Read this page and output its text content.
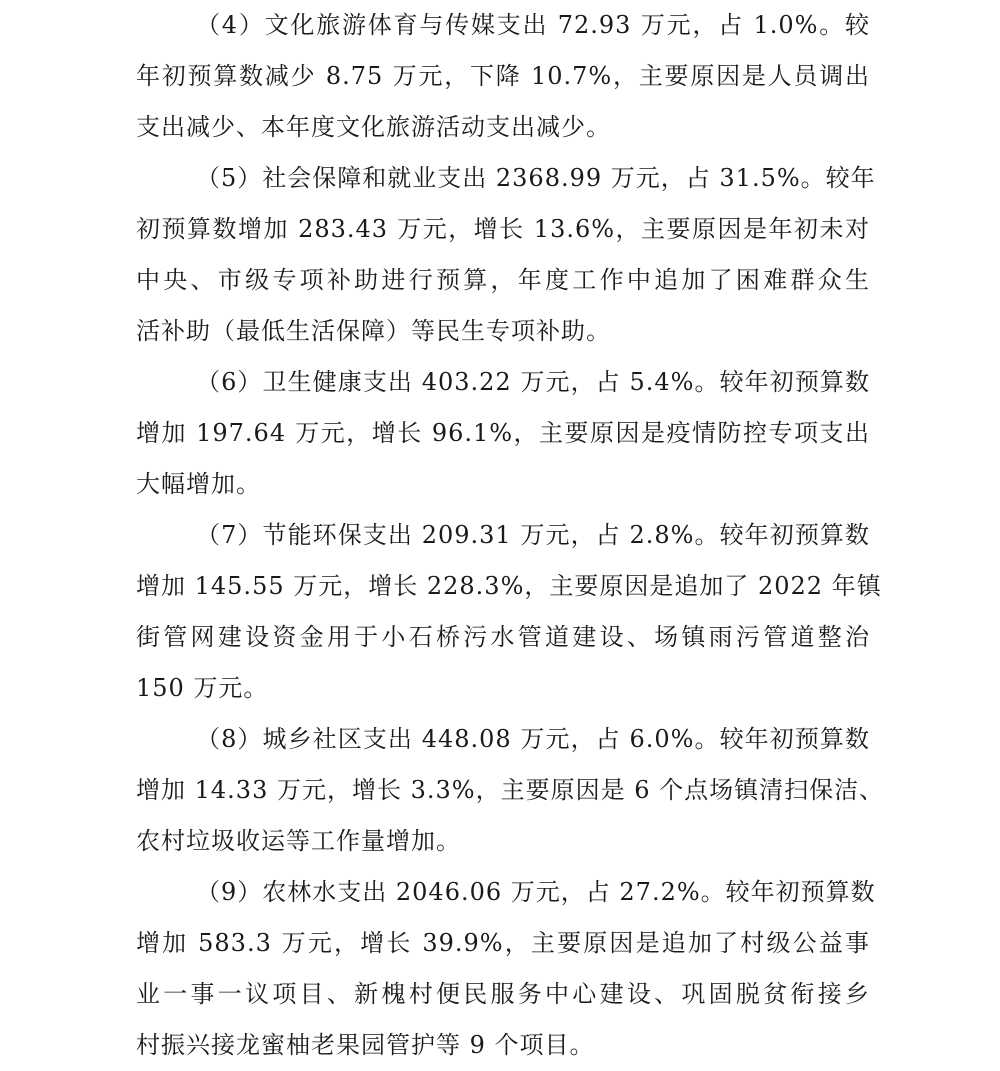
（4）文化旅游体育与传媒支出 72.93 万元，占 1.0%。较
年初预算数减少 8.75 万元，下降 10.7%，主要原因是人员调出
支出减少、本年度文化旅游活动支出减少。
（5）社会保障和就业支出 2368.99 万元，占 31.5%。较年
初预算数增加 283.43 万元，增长 13.6%，主要原因是年初未对
中央、市级专项补助进行预算，年度工作中追加了困难群众生
活补助（最低生活保障）等民生专项补助。
（6）卫生健康支出 403.22 万元，占 5.4%。较年初预算数
增加 197.64 万元，增长 96.1%，主要原因是疫情防控专项支出
大幅增加。
（7）节能环保支出 209.31 万元，占 2.8%。较年初预算数
增加 145.55 万元，增长 228.3%，主要原因是追加了 2022 年镇
街管网建设资金用于小石桥污水管道建设、场镇雨污管道整治
150 万元。
（8）城乡社区支出 448.08 万元，占 6.0%。较年初预算数
增加 14.33 万元，增长 3.3%，主要原因是 6 个点场镇清扫保洁、
农村垃圾收运等工作量增加。
（9）农林水支出 2046.06 万元，占 27.2%。较年初预算数
增加 583.3 万元，增长 39.9%，主要原因是追加了村级公益事
业一事一议项目、新槐村便民服务中心建设、巩固脱贫衔接乡
村振兴接龙蜜柚老果园管护等 9 个项目。
